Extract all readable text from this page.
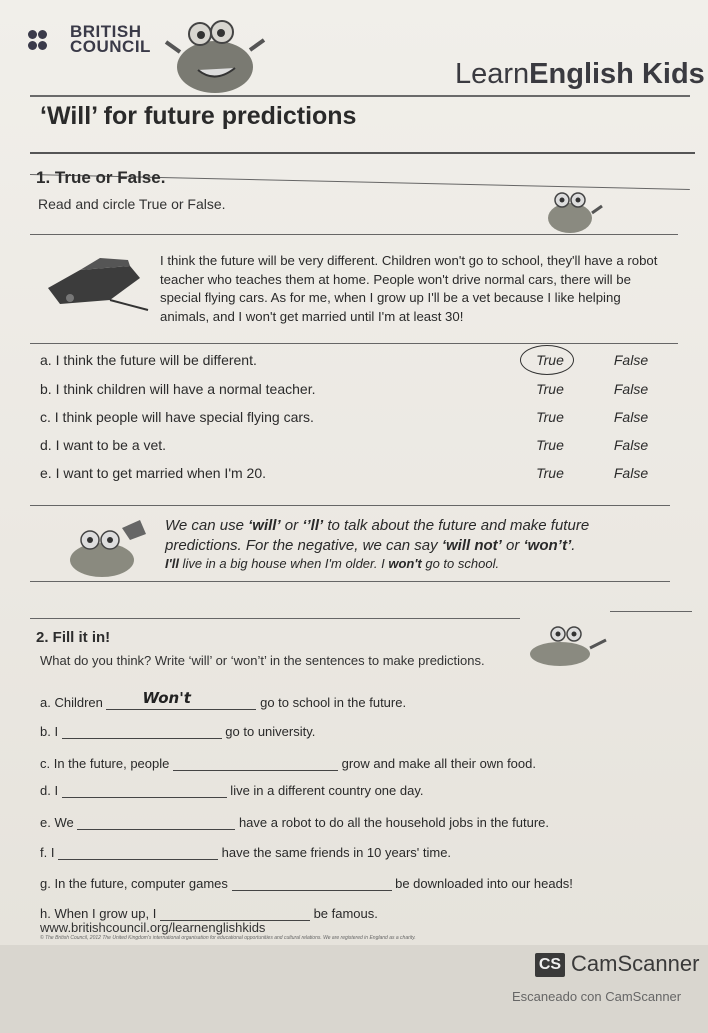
BRITISH
COUNCIL
LearnEnglish Kids
‘Will’ for future predictions
1. True or False.
Read and circle True or False.
I think the future will be very different. Children won't go to school, they'll have a robot teacher who teaches them at home. People won't drive normal cars, there will be special flying cars. As for me, when I grow up I'll be a vet because I like helping animals, and I won't get married until I'm at least 30!
a. I think the future will be different.	True	False
b. I think children will have a normal teacher.	True	False
c. I think people will have special flying cars.	True	False
d. I want to be a vet.	True	False
e. I want to get married when I'm 20.	True	False
We can use ‘will’ or ‘’ll’ to talk about the future and make future predictions. For the negative, we can say ‘will not’ or ‘won’t’.
I'll live in a big house when I'm older. I won't go to school.
2. Fill it in!
What do you think? Write ‘will’ or ‘won’t’ in the sentences to make predictions.
a. Children Won't	go to school in the future.
b. I	go to university.
c. In the future, people	grow and make all their own food.
d. I	live in a different country one day.
e. We	have a robot to do all the household jobs in the future.
f. I	have the same friends in 10 years' time.
g. In the future, computer games	be downloaded into our heads!
h. When I grow up, I	be famous.
www.britishcouncil.org/learnenglishkids
© The British Council, 2012 The United Kingdom's international organisation for educational opportunities and cultural relations. We are registered in England as a charity.
CS CamScanner
Escaneado con CamScanner
